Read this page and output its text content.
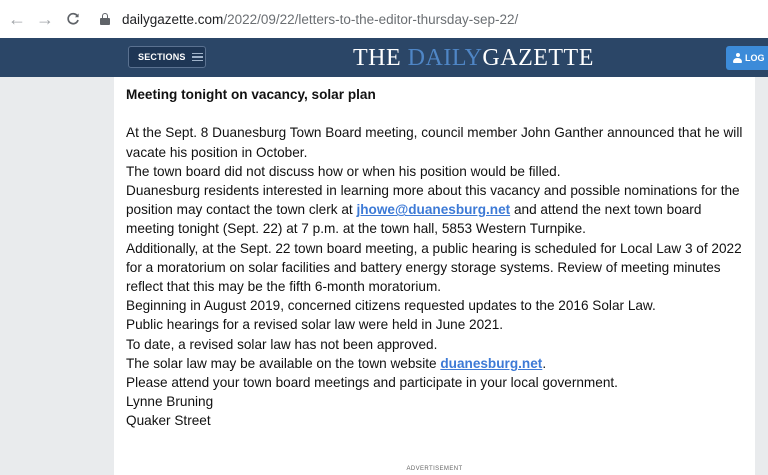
← →	dailygazette.com /2022/09/22/letters-to-the-editor-thursday-sep-22/
SECTIONS	THE DAILYGAZETTE	LOG

Meeting tonight on vacancy, solar plan

At the Sept. 8 Duanesburg Town Board meeting, council member John Ganther announced that he will vacate his position in October.

The town board did not discuss how or when his position would be filled.

Duanesburg residents interested in learning more about this vacancy and possible nominations for the position may contact the town clerk at jhowe@duanesburg.net and attend the next town board meeting tonight (Sept. 22) at 7 p.m. at the town hall, 5853 Western Turnpike.

Additionally, at the Sept. 22 town board meeting, a public hearing is scheduled for Local Law 3 of 2022 for a moratorium on solar facilities and battery energy storage systems. Review of meeting minutes reflect that this may be the fifth 6-month moratorium.

Beginning in August 2019, concerned citizens requested updates to the 2016 Solar Law.

Public hearings for a revised solar law were held in June 2021.

To date, a revised solar law has not been approved.

The solar law may be available on the town website duanesburg.net.

Please attend your town board meetings and participate in your local government.

Lynne Bruning

Quaker Street

ADVERTISEMENT
